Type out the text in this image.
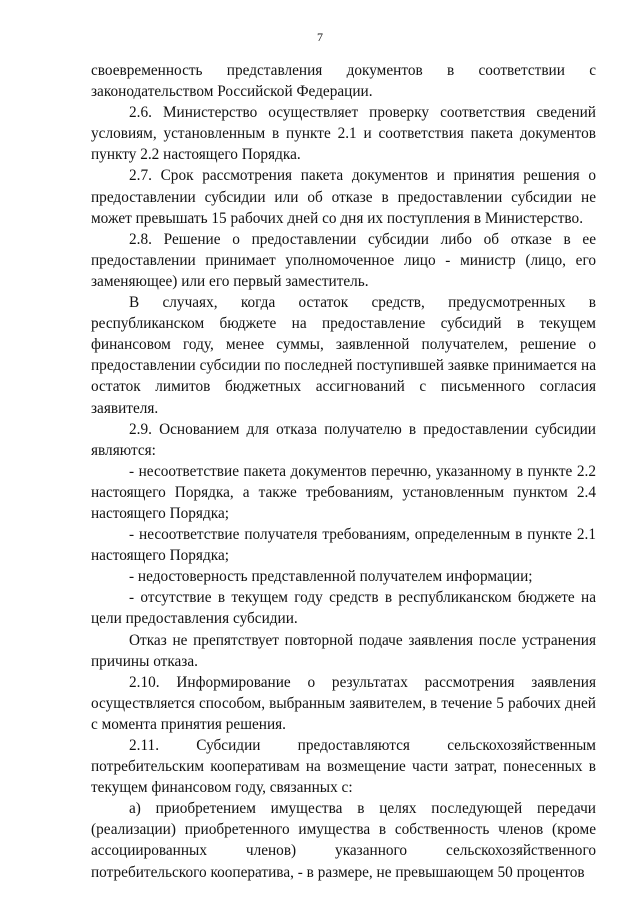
7

своевременность представления документов в соответствии с законодательством Российской Федерации.

2.6. Министерство осуществляет проверку соответствия сведений условиям, установленным в пункте 2.1 и соответствия пакета документов пункту 2.2 настоящего Порядка.

2.7. Срок рассмотрения пакета документов и принятия решения о предоставлении субсидии или об отказе в предоставлении субсидии не может превышать 15 рабочих дней со дня их поступления в Министерство.

2.8. Решение о предоставлении субсидии либо об отказе в ее предоставлении принимает уполномоченное лицо - министр (лицо, его заменяющее) или его первый заместитель.

В случаях, когда остаток средств, предусмотренных в республиканском бюджете на предоставление субсидий в текущем финансовом году, менее суммы, заявленной получателем, решение о предоставлении субсидии по последней поступившей заявке принимается на остаток лимитов бюджетных ассигнований с письменного согласия заявителя.

2.9. Основанием для отказа получателю в предоставлении субсидии являются:

- несоответствие пакета документов перечню, указанному в пункте 2.2 настоящего Порядка, а также требованиям, установленным пунктом 2.4 настоящего Порядка;

- несоответствие получателя требованиям, определенным в пункте 2.1 настоящего Порядка;

- недостоверность представленной получателем информации;

- отсутствие в текущем году средств в республиканском бюджете на цели предоставления субсидии.

Отказ не препятствует повторной подаче заявления после устранения причины отказа.

2.10. Информирование о результатах рассмотрения заявления осуществляется способом, выбранным заявителем, в течение 5 рабочих дней с момента принятия решения.

2.11. Субсидии предоставляются сельскохозяйственным потребительским кооперативам на возмещение части затрат, понесенных в текущем финансовом году, связанных с:

а) приобретением имущества в целях последующей передачи (реализации) приобретенного имущества в собственность членов (кроме ассоциированных членов) указанного сельскохозяйственного потребительского кооператива, - в размере, не превышающем 50 процентов
